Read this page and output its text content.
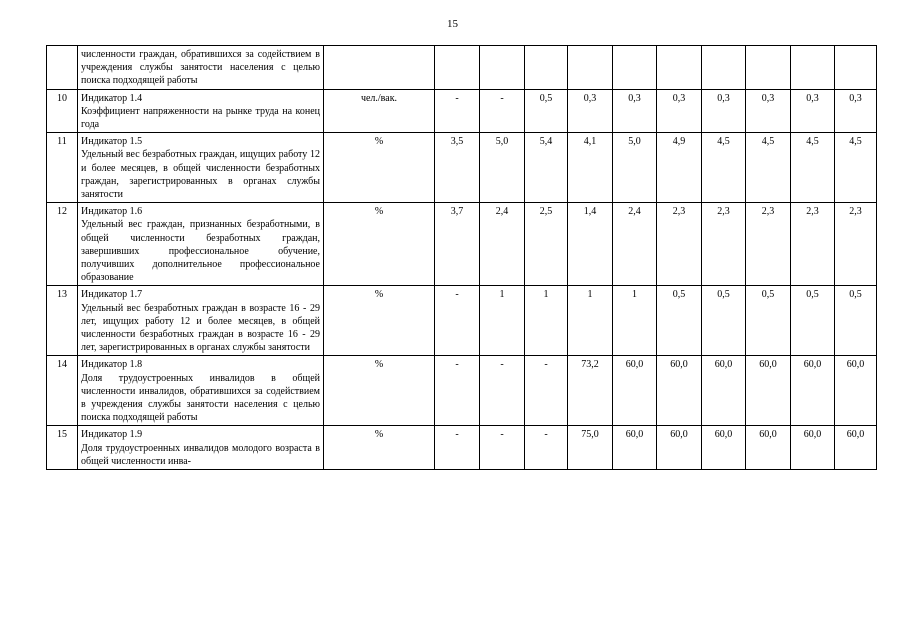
15

	численности граждан, обратившихся за содействием в учреждения службы занятости населения с целью поиска подходящей работы											

10	Индикатор 1.4
Коэффициент напряженности на рынке труда на конец года	чел./вак.	-	-	0,5	0,3	0,3	0,3	0,3	0,3	0,3	0,3
11	Индикатор 1.5
Удельный вес безработных граждан, ищущих работу 12 и более месяцев, в общей численности безработных граждан, зарегистрированных в органах службы занятости	%	3,5	5,0	5,4	4,1	5,0	4,9	4,5	4,5	4,5	4,5
12	Индикатор 1.6
Удельный вес граждан, признанных безработными, в общей численности безработных граждан, завершивших профессиональное обучение, получивших дополнительное профессиональное образование	%	3,7	2,4	2,5	1,4	2,4	2,3	2,3	2,3	2,3	2,3
13	Индикатор 1.7
Удельный вес безработных граждан в возрасте 16 - 29 лет, ищущих работу 12 и более месяцев, в общей численности безработных граждан в возрасте 16 - 29 лет, зарегистрированных в органах службы занятости	%	-	1	1	1	1	0,5	0,5	0,5	0,5	0,5
14	Индикатор 1.8
Доля трудоустроенных инвалидов в общей численности инвалидов, обратившихся за содействием в учреждения службы занятости населения с целью поиска подходящей работы	%	-	-	-	73,2	60,0	60,0	60,0	60,0	60,0	60,0
15	Индикатор 1.9
Доля трудоустроенных инвалидов молодого возраста в общей численности инва-	%	-	-	-	75,0	60,0	60,0	60,0	60,0	60,0	60,0
